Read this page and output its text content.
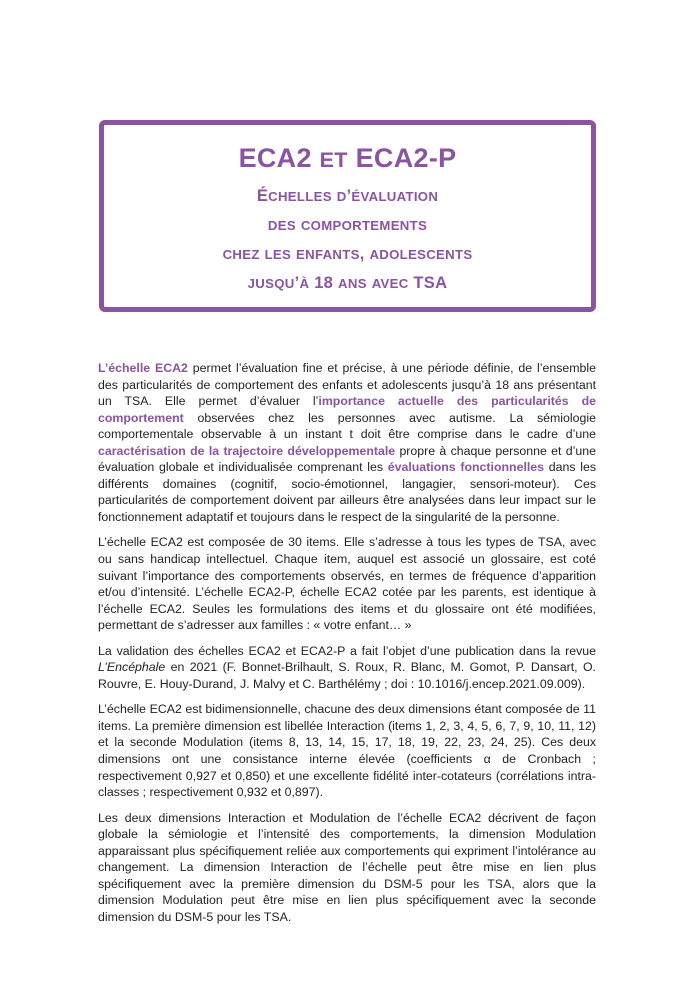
ECA2 ET ECA2-P
ÉCHELLES D’ÉVALUATION
DES COMPORTEMENTS
CHEZ LES ENFANTS, ADOLESCENTS
JUSQU’À 18 ANS AVEC TSA

L’échelle ECA2 permet l’évaluation fine et précise, à une période définie, de l’ensemble des particularités de comportement des enfants et adolescents jusqu’à 18 ans présentant un TSA. Elle permet d’évaluer l’importance actuelle des particularités de comportement observées chez les personnes avec autisme. La sémiologie comportementale observable à un instant t doit être comprise dans le cadre d’une caractérisation de la trajectoire développementale propre à chaque personne et d’une évaluation globale et individualisée comprenant les évaluations fonctionnelles dans les différents domaines (cognitif, socio-émotionnel, langagier, sensori-moteur). Ces particularités de comportement doivent par ailleurs être analysées dans leur impact sur le fonctionnement adaptatif et toujours dans le respect de la singularité de la personne.

L’échelle ECA2 est composée de 30 items. Elle s’adresse à tous les types de TSA, avec ou sans handicap intellectuel. Chaque item, auquel est associé un glossaire, est coté suivant l’importance des comportements observés, en termes de fréquence d’apparition et/ou d’intensité. L’échelle ECA2-P, échelle ECA2 cotée par les parents, est identique à l’échelle ECA2. Seules les formulations des items et du glossaire ont été modifiées, permettant de s’adresser aux familles : « votre enfant… »

La validation des échelles ECA2 et ECA2-P a fait l’objet d’une publication dans la revue L’Encéphale en 2021 (F. Bonnet-Brilhault, S. Roux, R. Blanc, M. Gomot, P. Dansart, O. Rouvre, E. Houy-Durand, J. Malvy et C. Barthélémy ; doi : 10.1016/j.encep.2021.09.009).

L’échelle ECA2 est bidimensionnelle, chacune des deux dimensions étant composée de 11 items. La première dimension est libellée Interaction (items 1, 2, 3, 4, 5, 6, 7, 9, 10, 11, 12) et la seconde Modulation (items 8, 13, 14, 15, 17, 18, 19, 22, 23, 24, 25). Ces deux dimensions ont une consistance interne élevée (coefficients α de Cronbach ; respectivement 0,927 et 0,850) et une excellente fidélité inter-cotateurs (corrélations intra-classes ; respectivement 0,932 et 0,897).

Les deux dimensions Interaction et Modulation de l’échelle ECA2 décrivent de façon globale la sémiologie et l’intensité des comportements, la dimension Modulation apparaissant plus spécifiquement reliée aux comportements qui expriment l’intolérance au changement. La dimension Interaction de l’échelle peut être mise en lien plus spécifiquement avec la première dimension du DSM-5 pour les TSA, alors que la dimension Modulation peut être mise en lien plus spécifiquement avec la seconde dimension du DSM-5 pour les TSA.
